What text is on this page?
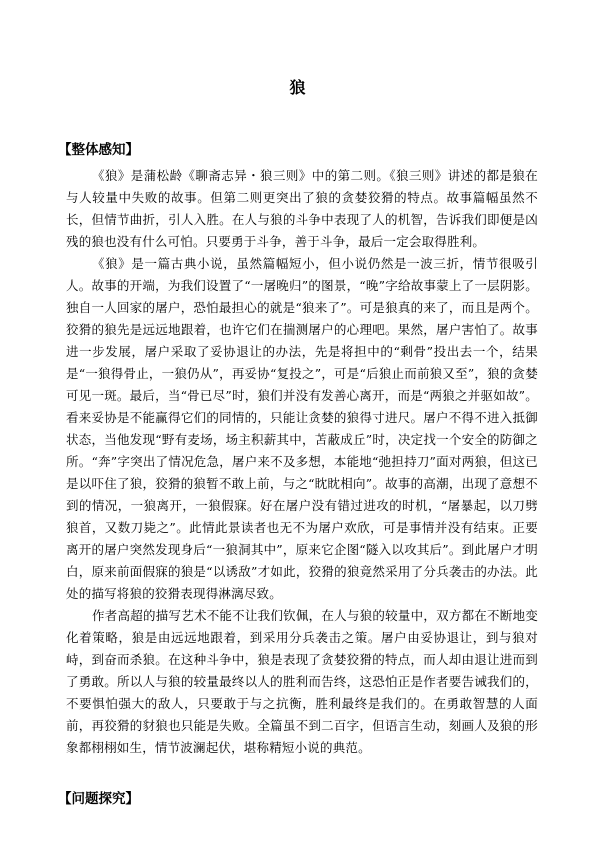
狼
【整体感知】

《狼》是蒲松龄《聊斋志异・狼三则》中的第二则。《狼三则》讲述的都是狼在与人较量中失败的故事。但第二则更突出了狼的贪婪狡猾的特点。故事篇幅虽然不长，但情节曲折，引人入胜。在人与狼的斗争中表现了人的机智，告诉我们即便是凶残的狼也没有什么可怕。只要勇于斗争，善于斗争，最后一定会取得胜利。

《狼》是一篇古典小说，虽然篇幅短小，但小说仍然是一波三折，情节很吸引人。故事的开端，为我们设置了“一屠晚归”的图景，“晚”字给故事蒙上了一层阴影。独自一人回家的屠户，恐怕最担心的就是“狼来了”。可是狼真的来了，而且是两个。狡猾的狼先是远远地跟着，也许它们在揣测屠户的心理吧。果然，屠户害怕了。故事进一步发展，屠户采取了妥协退让的办法，先是将担中的“剩骨”投出去一个，结果是“一狼得骨止，一狼仍从”，再妥协“复投之”，可是“后狼止而前狼又至”，狼的贪婪可见一斑。最后，当“骨已尽”时，狼们并没有发善心离开，而是“两狼之并驱如故”。看来妥协是不能赢得它们的同情的，只能让贪婪的狼得寸进尺。屠户不得不进入抵御状态，当他发现“野有麦场，场主积薪其中，苫蔽成丘”时，决定找一个安全的防御之所。“奔”字突出了情况危急，屠户来不及多想，本能地“弛担持刀”面对两狼，但这已是以吓住了狼，狡猾的狼暂不敢上前，与之“眈眈相向”。故事的高潮，出现了意想不到的情况，一狼离开，一狼假寐。好在屠户没有错过进攻的时机，“屠暴起，以刀劈狼首，又数刀毙之”。此情此景读者也无不为屠户欢欣，可是事情并没有结束。正要离开的屠户突然发现身后“一狼洞其中”，原来它企图“隧入以攻其后”。到此屠户才明白，原来前面假寐的狼是“以诱敌”才如此，狡猾的狼竟然采用了分兵袭击的办法。此处的描写将狼的狡猾表现得淋漓尽致。

作者高超的描写艺术不能不让我们钦佩，在人与狼的较量中，双方都在不断地变化着策略，狼是由远远地跟着，到采用分兵袭击之策。屠户由妥协退让，到与狼对峙，到奋而杀狼。在这种斗争中，狼是表现了贪婪狡猾的特点，而人却由退让进而到了勇敢。所以人与狼的较量最终以人的胜利而告终，这恐怕正是作者要告诫我们的，不要惧怕强大的敌人，只要敢于与之抗衡，胜利最终是我们的。在勇敢智慧的人面前，再狡猾的豺狼也只能是失败。全篇虽不到二百字，但语言生动，刻画人及狼的形象都栩栩如生，情节波澜起伏，堪称精短小说的典范。

【问题探究】
